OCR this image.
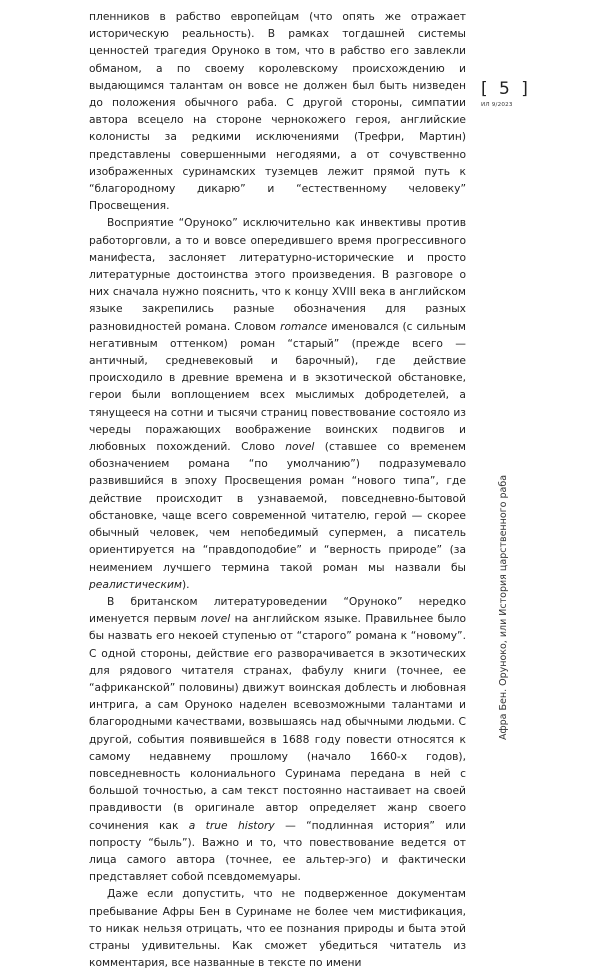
пленников в рабство европейцам (что опять же отражает историческую реальность). В рамках тогдашней системы ценностей трагедия Оруноко в том, что в рабство его завлекли обманом, а по своему королевскому происхождению и выдающимся талантам он вовсе не должен был быть низведен до положения обычного раба. С другой стороны, симпатии автора всецело на стороне чернокожего героя, английские колонисты за редкими исключениями (Трефри, Мартин) представлены совершенными негодяями, а от сочувственно изображенных суринамских туземцев лежит прямой путь к “благородному дикарю” и “естественному человеку” Просвещения.

Восприятие “Оруноко” исключительно как инвективы против работорговли, а то и вовсе опередившего время прогрессивного манифеста, заслоняет литературно-исторические и просто литературные достоинства этого произведения. В разговоре о них сначала нужно пояснить, что к концу XVIII века в английском языке закрепились разные обозначения для разных разновидностей романа. Словом romance именовался (с сильным негативным оттенком) роман “старый” (прежде всего — античный, средневековый и барочный), где действие происходило в древние времена и в экзотической обстановке, герои были воплощением всех мыслимых добродетелей, а тянущееся на сотни и тысячи страниц повествование состояло из череды поражающих воображение воинских подвигов и любовных похождений. Слово novel (ставшее со временем обозначением романа “по умолчанию”) подразумевало развившийся в эпоху Просвещения роман “нового типа”, где действие происходит в узнаваемой, повседневно-бытовой обстановке, чаще всего современной читателю, герой — скорее обычный человек, чем непобедимый супермен, а писатель ориентируется на “правдоподобие” и “верность природе” (за неимением лучшего термина такой роман мы назвали бы реалистическим).

В британском литературоведении “Оруноко” нередко именуется первым novel на английском языке. Правильнее было бы назвать его некоей ступенью от “старого” романа к “новому”. С одной стороны, действие его разворачивается в экзотических для рядового читателя странах, фабулу книги (точнее, ее “африканской” половины) движут воинская доблесть и любовная интрига, а сам Оруноко наделен всевозможными талантами и благородными качествами, возвышаясь над обычными людьми. С другой, события появившейся в 1688 году повести относятся к самому недавнему прошлому (начало 1660-х годов), повседневность колониального Суринама передана в ней с большой точностью, а сам текст постоянно настаивает на своей правдивости (в оригинале автор определяет жанр своего сочинения как a true history — “подлинная история” или попросту “быль”). Важно и то, что повествование ведется от лица самого автора (точнее, ее альтер-эго) и фактически представляет собой псевдомемуары.

Даже если допустить, что не подверженное документам пребывание Афры Бен в Суринаме не более чем мистификация, то никак нельзя отрицать, что ее познания природы и быта этой страны удивительны. Как сможет убедиться читатель из комментария, все названные в тексте по имени

[ 5 ]
ИЛ 9/2023
Афра Бен. Оруноко, или История царственного раба
